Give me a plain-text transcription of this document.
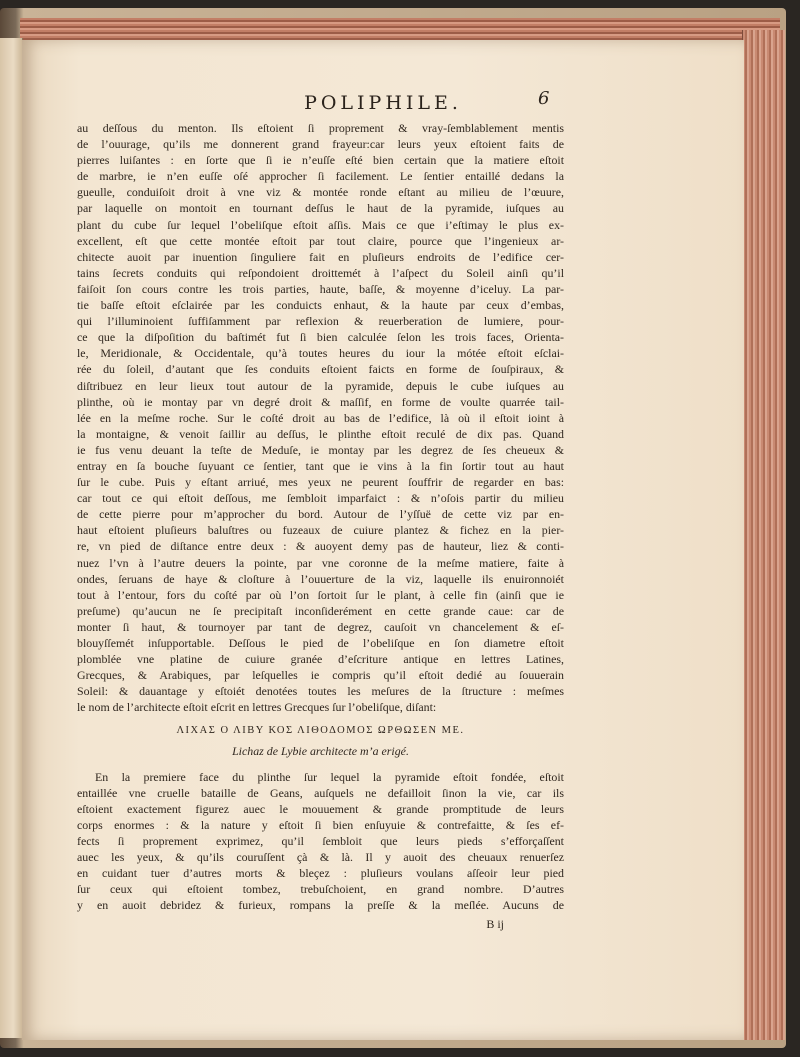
POLIPHILE.	6
au deſſous du menton. Ils eſtoient ſi proprement & vray-ſemblablement mentis
de l’ouurage, qu’ils me donnerent grand frayeur:car leurs yeux eſtoient faits de
pierres luiſantes : en ſorte que ſi ie n’euſſe eſté bien certain que la matiere eſtoit
de marbre, ie n’en euſſe oſé approcher ſi facilement. Le ſentier entaillé dedans la
gueulle, conduiſoit droit à vne viz & montée ronde eſtant au milieu de l’œuure,
par laquelle on montoit en tournant deſſus le haut de la pyramide, iuſques au
plant du cube ſur lequel l’obeliſque eſtoit aſſis. Mais ce que i’eſtimay le plus ex-
excellent, eſt que cette montée eſtoit par tout claire, pource que l’ingenieux ar-
chitecte auoit par inuention ſinguliere fait en pluſieurs endroits de l’edifice cer-
tains ſecrets conduits qui reſpondoient droittemét à l’aſpect du Soleil ainſi qu’il
faiſoit ſon cours contre les trois parties, haute, baſſe, & moyenne d’iceluy. La par-
tie baſſe eſtoit eſclairée par les conduicts enhaut, & la haute par ceux d’embas,
qui l’illuminoient ſuffiſamment par reflexion & reuerberation de lumiere, pour-
ce que la diſpoſition du baſtimét fut ſi bien calculée ſelon les trois faces, Orienta-
le, Meridionale, & Occidentale, qu’à toutes heures du iour la mótée eſtoit eſclai-
rée du ſoleil, d’autant que ſes conduits eſtoient faicts en forme de ſouſpiraux, &
diſtribuez en leur lieux tout autour de la pyramide, depuis le cube iuſques au
plinthe, où ie montay par vn degré droit & maſſif, en forme de voulte quarrée tail-
lée en la meſme roche. Sur le coſté droit au bas de l’edifice, là où il eſtoit ioint à
la montaigne, & venoit ſaillir au deſſus, le plinthe eſtoit reculé de dix pas. Quand
ie fus venu deuant la teſte de Meduſe, ie montay par les degrez de ſes cheueux &
entray en ſa bouche ſuyuant ce ſentier, tant que ie vins à la fin ſortir tout au haut
ſur le cube. Puis y eſtant arriué, mes yeux ne peurent ſouffrir de regarder en bas:
car tout ce qui eſtoit deſſous, me ſembloit imparfaict : & n’oſois partir du milieu
de cette pierre pour m’approcher du bord. Autour de l’yſſuë de cette viz par en-
haut eſtoient pluſieurs baluſtres ou fuzeaux de cuiure plantez & fichez en la pier-
re, vn pied de diſtance entre deux : & auoyent demy pas de hauteur, liez & conti-
nuez l’vn à l’autre deuers la pointe, par vne coronne de la meſme matiere, faite à
ondes, ſeruans de haye & cloſture à l’ouuerture de la viz, laquelle ils enuironnoiét
tout à l’entour, fors du coſté par où l’on ſortoit ſur le plant, à celle fin (ainſi que ie
preſume) qu’aucun ne ſe precipitaſt inconſiderément en cette grande caue: car de
monter ſi haut, & tournoyer par tant de degrez, cauſoit vn chancelement & eſ-
blouyſſemét inſupportable. Deſſous le pied de l’obeliſque en ſon diametre eſtoit
plomblée vne platine de cuiure granée d’eſcriture antique en lettres Latines,
Grecques, & Arabiques, par leſquelles ie compris qu’il eſtoit dedié au ſouuerain
Soleil: & dauantage y eſtoiét denotées toutes les meſures de la ſtructure : meſmes
le nom de l’architecte eſtoit eſcrit en lettres Grecques ſur l’obeliſque, diſant:
ΛΙΧΑΣ Ο ΛΙΒΥ ΚΟΣ ΛΙΘΟΔΟΜΟΣ ΩΡΘΩΣΕΝ ΜΕ.
Lichaz de Lybie architecte m’a erigé.
En la premiere face du plinthe ſur lequel la pyramide eſtoit fondée, eſtoit
entaillée vne cruelle bataille de Geans, auſquels ne defailloit ſinon la vie, car ils
eſtoient exactement figurez auec le mouuement & grande promptitude de leurs
corps enormes : & la nature y eſtoit ſi bien enſuyuie & contrefaitte, & ſes ef-
fects ſi proprement exprimez, qu’il ſembloit que leurs pieds s’efforçaſſent
auec les yeux, & qu’ils couruſſent çà & là. Il y auoit des cheuaux renuerſez
en cuidant tuer d’autres morts & bleçez : pluſieurs voulans aſſeoir leur pied
ſur ceux qui eſtoient tombez, trebuſchoient, en grand nombre. D’autres
y en auoit debridez & furieux, rompans la preſſe & la meſlée. Aucuns de
B ij
